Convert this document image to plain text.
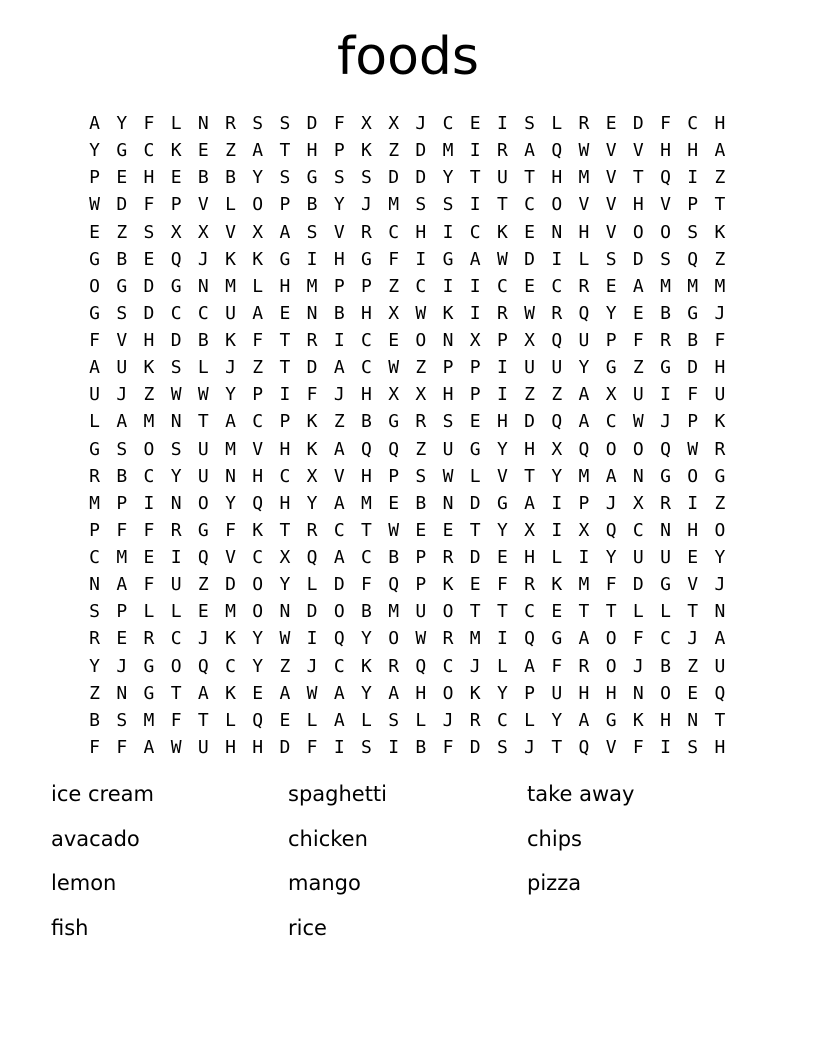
foods
A Y F L N R S S D F X X J C E I S L R E D F C H
Y G C K E Z A T H P K Z D M I R A Q W V V H H A
P E H E B B Y S G S S D D Y T U T H M V T Q I Z
W D F P V L O P B Y J M S S I T C O V V H V P T
E Z S X X V X A S V R C H I C K E N H V O O S K
G B E Q J K K G I H G F I G A W D I L S D S Q Z
O G D G N M L H M P P Z C I I C E C R E A M M M
G S D C C U A E N B H X W K I R W R Q Y E B G J
F V H D B K F T R I C E O N X P X Q U P F R B F
A U K S L J Z T D A C W Z P P I U U Y G Z G D H
U J Z W W Y P I F J H X X H P I Z Z A X U I F U
L A M N T A C P K Z B G R S E H D Q A C W J P K
G S O S U M V H K A Q Q Z U G Y H X Q O O Q W R
R B C Y U N H C X V H P S W L V T Y M A N G O G
M P I N O Y Q H Y A M E B N D G A I P J X R I Z
P F F R G F K T R C T W E E T Y X I X Q C N H O
C M E I Q V C X Q A C B P R D E H L I Y U U E Y
N A F U Z D O Y L D F Q P K E F R K M F D G V J
S P L L E M O N D O B M U O T T C E T T L L T N
R E R C J K Y W I Q Y O W R M I Q G A O F C J A
Y J G O Q C Y Z J C K R Q C J L A F R O J B Z U
Z N G T A K E A W A Y A H O K Y P U H H N O E Q
B S M F T L Q E L A L S L J R C L Y A G K H N T
F F A W U H H D F I S I B F D S J T Q V F I S H
ice cream
avacado
lemon
fish
spaghetti
chicken
mango
rice
take away
chips
pizza
